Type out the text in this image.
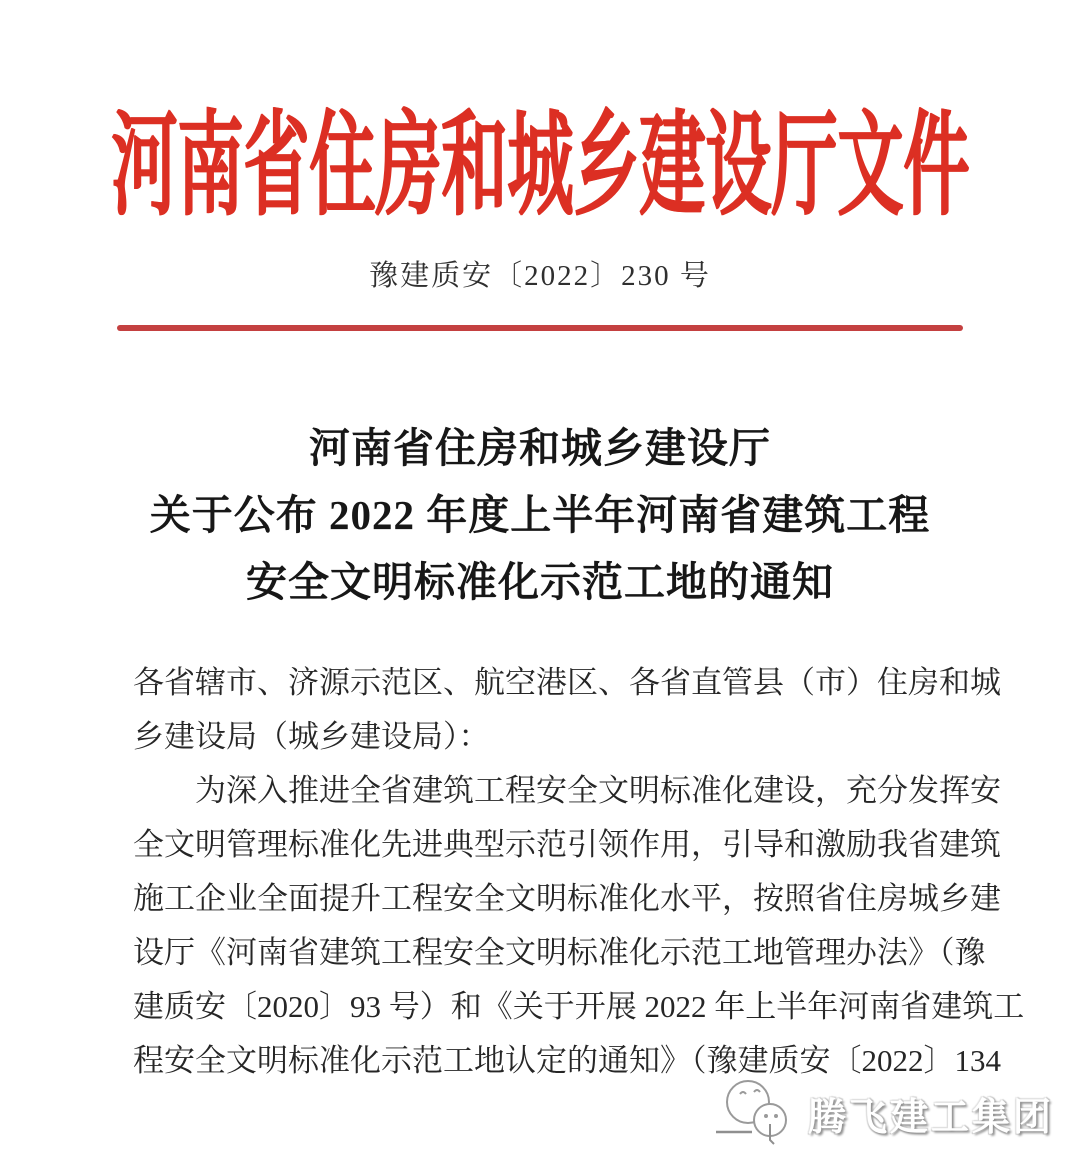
河南省住房和城乡建设厅文件
豫建质安〔2022〕230 号
河南省住房和城乡建设厅
关于公布 2022 年度上半年河南省建筑工程
安全文明标准化示范工地的通知
各省辖市、济源示范区、航空港区、各省直管县（市）住房和城
乡建设局（城乡建设局）：
为深入推进全省建筑工程安全文明标准化建设，充分发挥安
全文明管理标准化先进典型示范引领作用，引导和激励我省建筑
施工企业全面提升工程安全文明标准化水平，按照省住房城乡建
设厅《河南省建筑工程安全文明标准化示范工地管理办法》（豫
建质安〔2020〕93 号）和《关于开展 2022 年上半年河南省建筑工
程安全文明标准化示范工地认定的通知》（豫建质安〔2022〕134
腾飞建工集团
